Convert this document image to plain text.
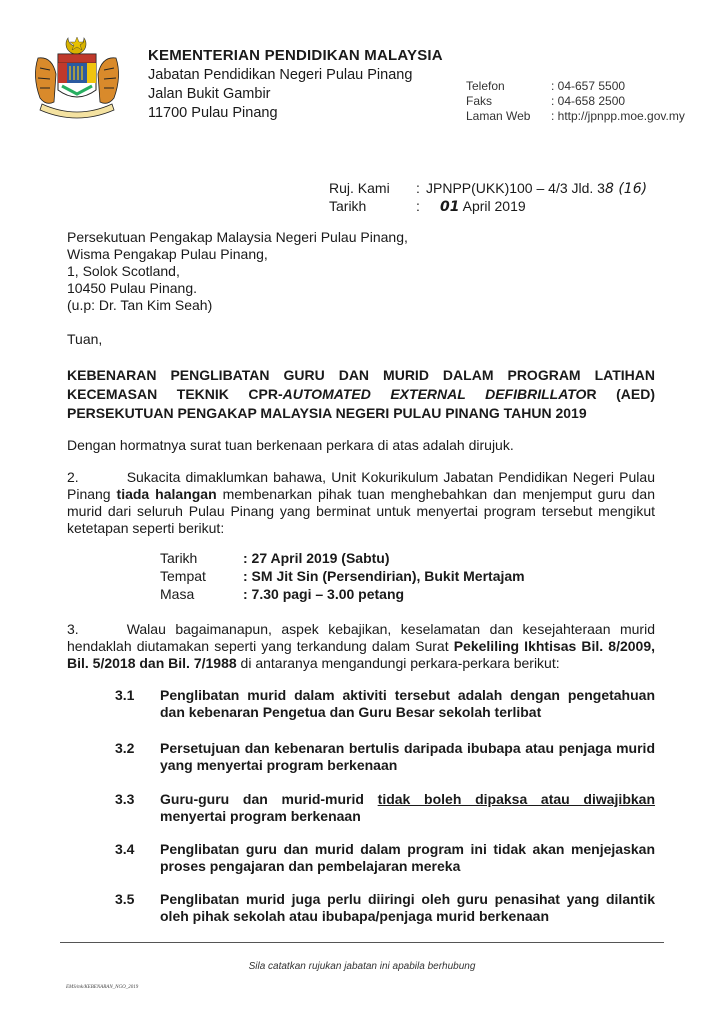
KEMENTERIAN PENDIDIKAN MALAYSIA
Jabatan Pendidikan Negeri Pulau Pinang
Jalan Bukit Gambir
11700 Pulau Pinang
Telefon	: 04-657 5500
Faks	: 04-658 2500
Laman Web : http://jpnpp.moe.gov.my
Ruj. Kami : JPNPP(UKK)100 – 4/3 Jld. 38 (16)
Tarikh	: 01 April 2019
Persekutuan Pengakap Malaysia Negeri Pulau Pinang,
Wisma Pengakap Pulau Pinang,
1, Solok Scotland,
10450 Pulau Pinang.
(u.p: Dr. Tan Kim Seah)
Tuan,
KEBENARAN PENGLIBATAN GURU DAN MURID DALAM PROGRAM LATIHAN
KECEMASAN TEKNIK CPR-AUTOMATED EXTERNAL DEFIBRILLATOR (AED)
PERSEKUTUAN PENGAKAP MALAYSIA NEGERI PULAU PINANG TAHUN 2019
Dengan hormatnya surat tuan berkenaan perkara di atas adalah dirujuk.
2.	Sukacita dimaklumkan bahawa, Unit Kokurikulum Jabatan Pendidikan Negeri Pulau Pinang tiada halangan membenarkan pihak tuan menghebahkan dan menjemput guru dan murid dari seluruh Pulau Pinang yang berminat untuk menyertai program tersebut mengikut ketetapan seperti berikut:
Tarikh	: 27 April 2019 (Sabtu)
Tempat	: SM Jit Sin (Persendirian), Bukit Mertajam
Masa	: 7.30 pagi – 3.00 petang
3.	Walau bagaimanapun, aspek kebajikan, keselamatan dan kesejahteraan murid hendaklah diutamakan seperti yang terkandung dalam Surat Pekeliling Ikhtisas Bil. 8/2009, Bil. 5/2018 dan Bil. 7/1988 di antaranya mengandungi perkara-perkara berikut:
3.1 Penglibatan murid dalam aktiviti tersebut adalah dengan pengetahuan dan kebenaran Pengetua dan Guru Besar sekolah terlibat
3.2 Persetujuan dan kebenaran bertulis daripada ibubapa atau penjaga murid yang menyertai program berkenaan
3.3 Guru-guru dan murid-murid tidak boleh dipaksa atau diwajibkan menyertai program berkenaan
3.4 Penglibatan guru dan murid dalam program ini tidak akan menjejaskan proses pengajaran dan pembelajaran mereka
3.5 Penglibatan murid juga perlu diiringi oleh guru penasihat yang dilantik oleh pihak sekolah atau ibubapa/penjaga murid berkenaan
Sila catatkan rujukan jabatan ini apabila berhubung
EMS/mk/KEBENARAN_NGO_2019
